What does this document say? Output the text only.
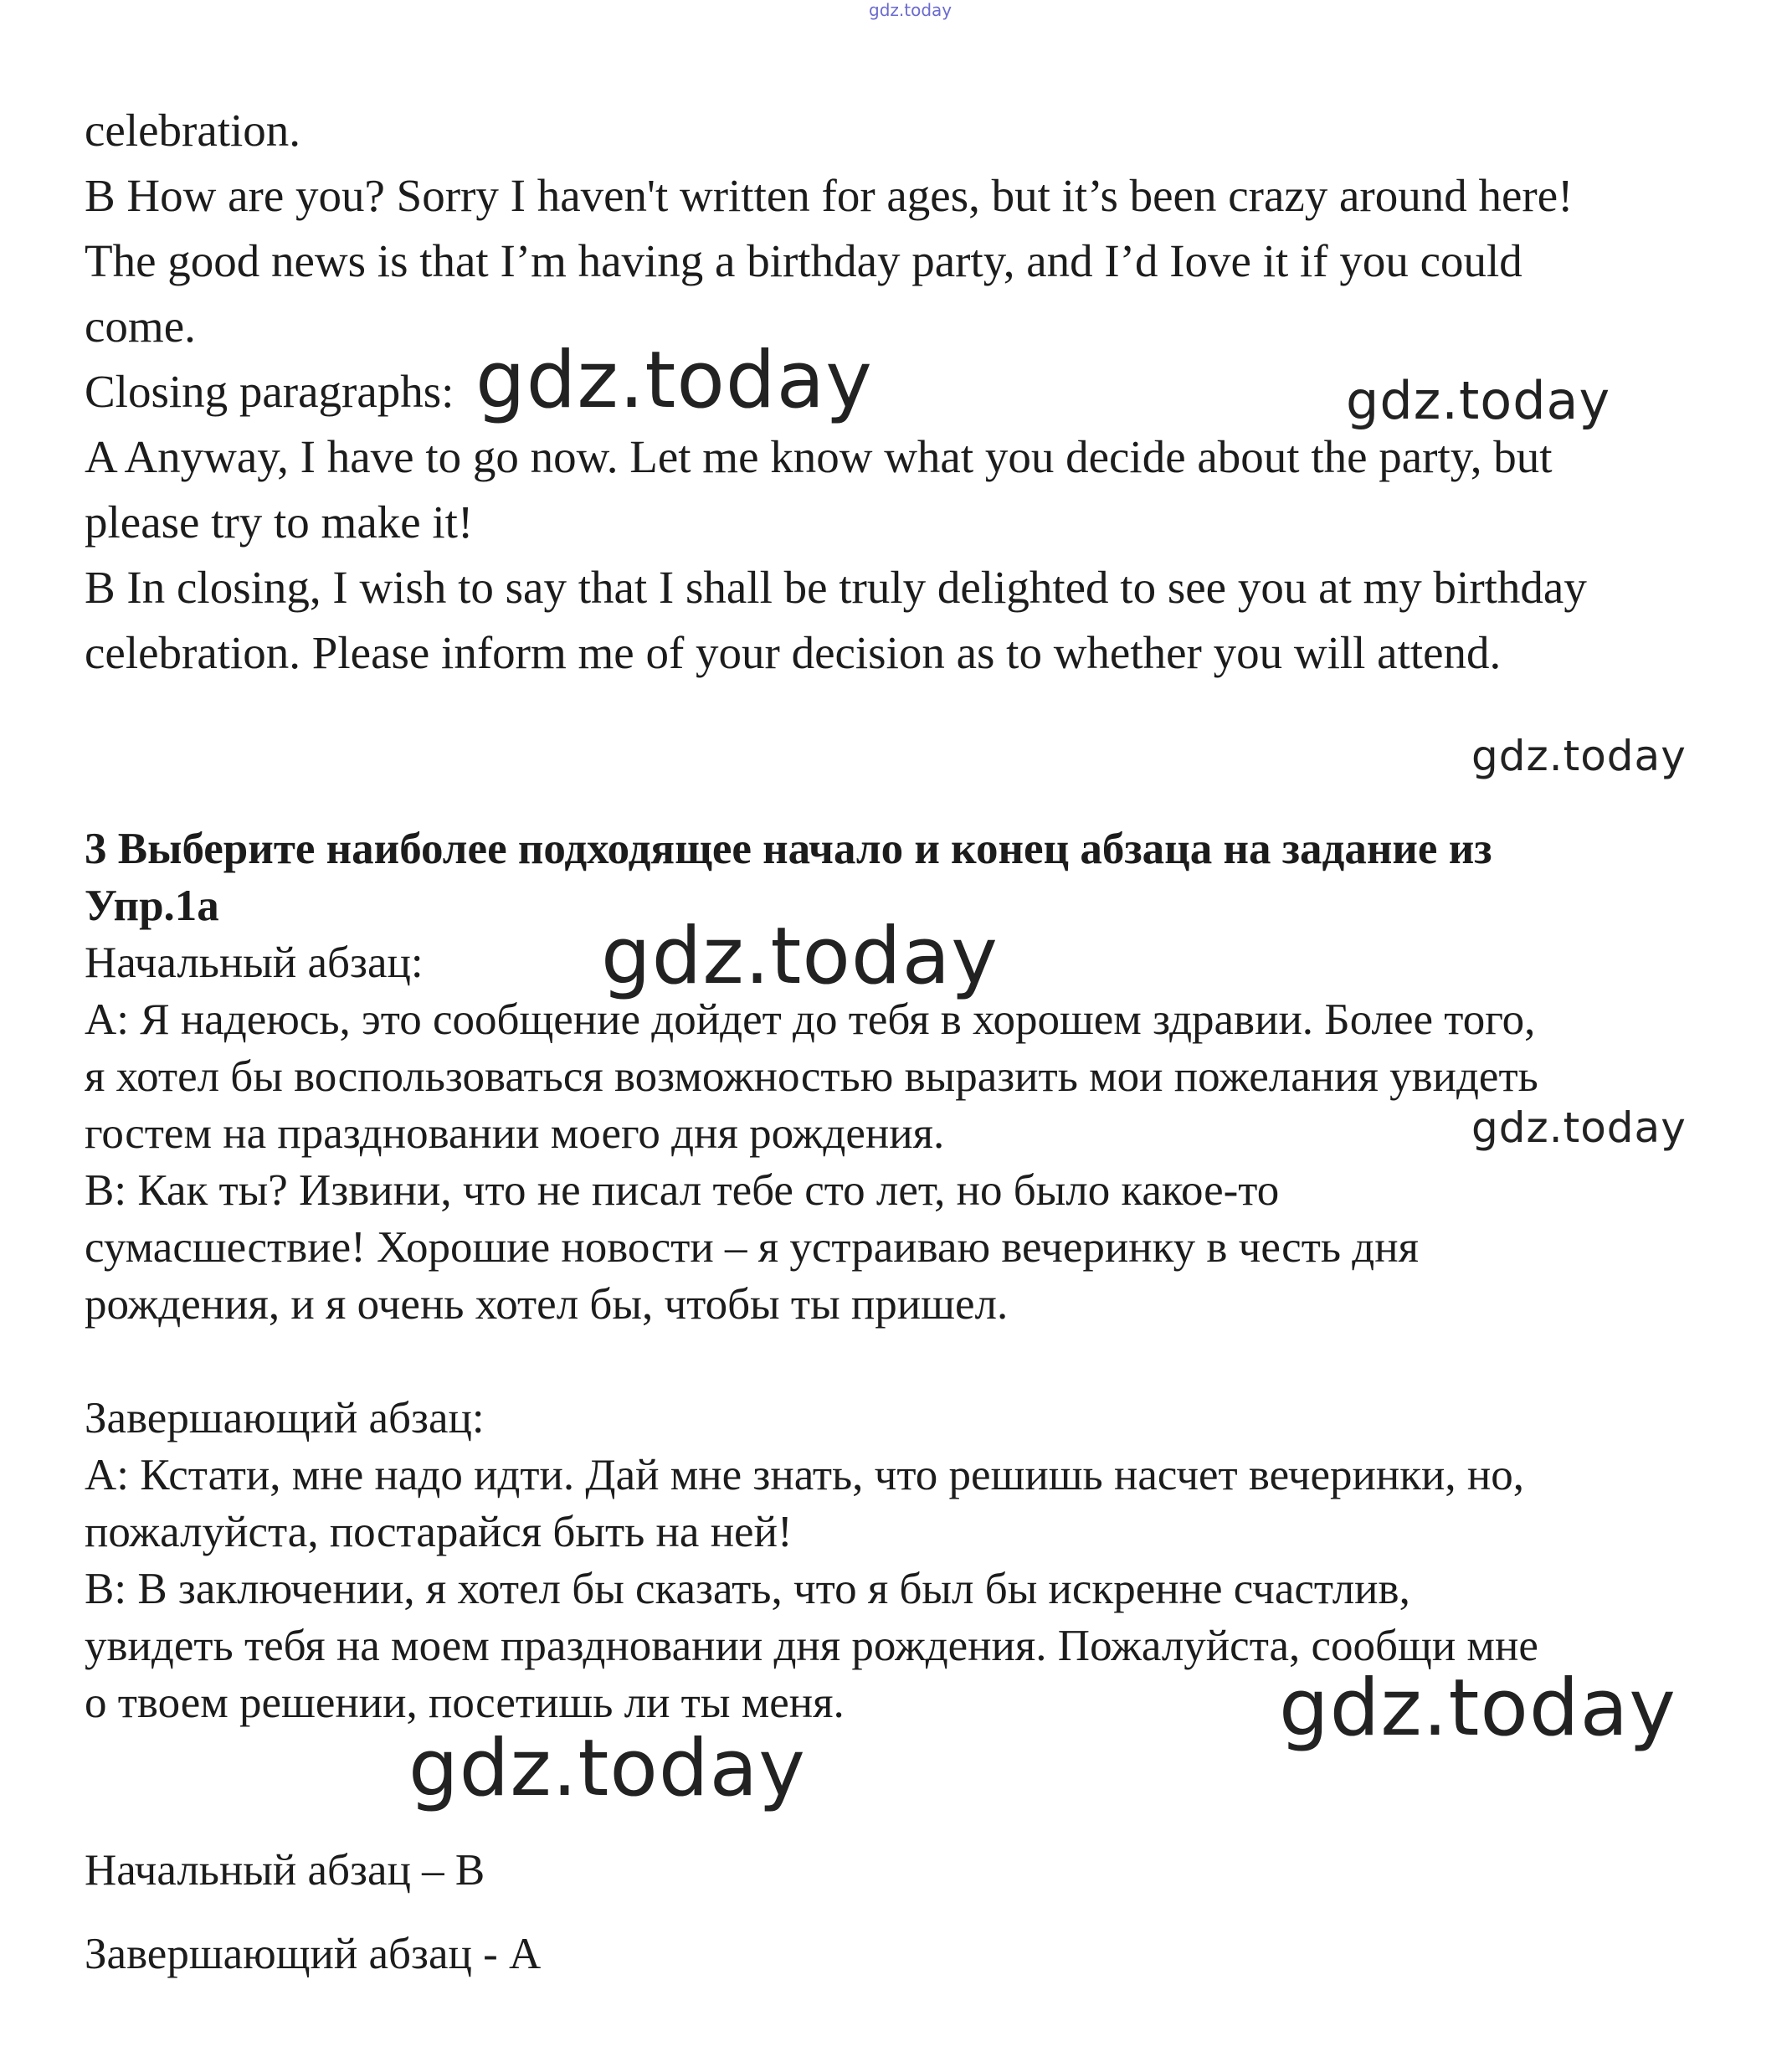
gdz.today

celebration.

B How are you? Sorry I haven't written for ages, but it’s been crazy around here!

The good news is that I’m having a birthday party, and I’d Iove it if you could

come.

Closing paragraphs:

A Anyway, I have to go now. Let me know what you decide about the party, but

please try to make it!

B In closing, I wish to say that I shall be truly delighted to see you at my birthday

celebration. Please inform me of your decision as to whether you will attend.

3 Выберите наиболее подходящее начало и конец абзаца на задание из

Упр.1а

Начальный абзац:

А: Я надеюсь, это сообщение дойдет до тебя в хорошем здравии. Более того,

я хотел бы воспользоваться возможностью выразить мои пожелания увидеть

гостем на праздновании моего дня рождения.

В: Как ты? Извини, что не писал тебе сто лет, но было какое-то

сумасшествие! Хорошие новости – я устраиваю вечеринку в честь дня

рождения, и я очень хотел бы, чтобы ты пришел.

Завершающий абзац:

А: Кстати, мне надо идти. Дай мне знать, что решишь насчет вечеринки, но,

пожалуйста, постарайся быть на ней!

В: В заключении, я хотел бы сказать, что я был бы искренне счастлив,

увидеть тебя на моем праздновании дня рождения. Пожалуйста, сообщи мне

о твоем решении, посетишь ли ты меня.

Начальный абзац – В

Завершающий абзац - А

gdz.today	gdz.today
gdz.today
gdz.today
gdz.today
gdz.today
gdz.today
